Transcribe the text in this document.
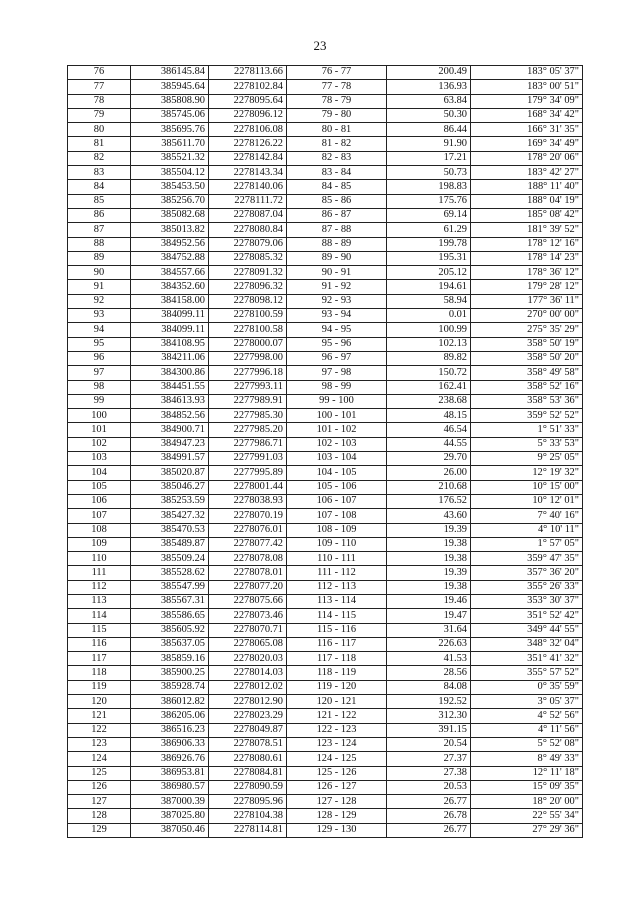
23
76	386145.84	2278113.66	76 - 77	200.49	183° 05' 37"
77	385945.64	2278102.84	77 - 78	136.93	183° 00' 51"
78	385808.90	2278095.64	78 - 79	63.84	179° 34' 09"
79	385745.06	2278096.12	79 - 80	50.30	168° 34' 42"
80	385695.76	2278106.08	80 - 81	86.44	166° 31' 35"
81	385611.70	2278126.22	81 - 82	91.90	169° 34' 49"
82	385521.32	2278142.84	82 - 83	17.21	178° 20' 06"
83	385504.12	2278143.34	83 - 84	50.73	183° 42' 27"
84	385453.50	2278140.06	84 - 85	198.83	188° 11' 40"
85	385256.70	2278111.72	85 - 86	175.76	188° 04' 19"
86	385082.68	2278087.04	86 - 87	69.14	185° 08' 42"
87	385013.82	2278080.84	87 - 88	61.29	181° 39' 52"
88	384952.56	2278079.06	88 - 89	199.78	178° 12' 16"
89	384752.88	2278085.32	89 - 90	195.31	178° 14' 23"
90	384557.66	2278091.32	90 - 91	205.12	178° 36' 12"
91	384352.60	2278096.32	91 - 92	194.61	179° 28' 12"
92	384158.00	2278098.12	92 - 93	58.94	177° 36' 11"
93	384099.11	2278100.59	93 - 94	0.01	270° 00' 00"
94	384099.11	2278100.58	94 - 95	100.99	275° 35' 29"
95	384108.95	2278000.07	95 - 96	102.13	358° 50' 19"
96	384211.06	2277998.00	96 - 97	89.82	358° 50' 20"
97	384300.86	2277996.18	97 - 98	150.72	358° 49' 58"
98	384451.55	2277993.11	98 - 99	162.41	358° 52' 16"
99	384613.93	2277989.91	99 - 100	238.68	358° 53' 36"
100	384852.56	2277985.30	100 - 101	48.15	359° 52' 52"
101	384900.71	2277985.20	101 - 102	46.54	1° 51' 33"
102	384947.23	2277986.71	102 - 103	44.55	5° 33' 53"
103	384991.57	2277991.03	103 - 104	29.70	9° 25' 05"
104	385020.87	2277995.89	104 - 105	26.00	12° 19' 32"
105	385046.27	2278001.44	105 - 106	210.68	10° 15' 00"
106	385253.59	2278038.93	106 - 107	176.52	10° 12' 01"
107	385427.32	2278070.19	107 - 108	43.60	7° 40' 16"
108	385470.53	2278076.01	108 - 109	19.39	4° 10' 11"
109	385489.87	2278077.42	109 - 110	19.38	1° 57' 05"
110	385509.24	2278078.08	110 - 111	19.38	359° 47' 35"
111	385528.62	2278078.01	111 - 112	19.39	357° 36' 20"
112	385547.99	2278077.20	112 - 113	19.38	355° 26' 33"
113	385567.31	2278075.66	113 - 114	19.46	353° 30' 37"
114	385586.65	2278073.46	114 - 115	19.47	351° 52' 42"
115	385605.92	2278070.71	115 - 116	31.64	349° 44' 55"
116	385637.05	2278065.08	116 - 117	226.63	348° 32' 04"
117	385859.16	2278020.03	117 - 118	41.53	351° 41' 32"
118	385900.25	2278014.03	118 - 119	28.56	355° 57' 52"
119	385928.74	2278012.02	119 - 120	84.08	0° 35' 59"
120	386012.82	2278012.90	120 - 121	192.52	3° 05' 37"
121	386205.06	2278023.29	121 - 122	312.30	4° 52' 56"
122	386516.23	2278049.87	122 - 123	391.15	4° 11' 56"
123	386906.33	2278078.51	123 - 124	20.54	5° 52' 08"
124	386926.76	2278080.61	124 - 125	27.37	8° 49' 33"
125	386953.81	2278084.81	125 - 126	27.38	12° 11' 18"
126	386980.57	2278090.59	126 - 127	20.53	15° 09' 35"
127	387000.39	2278095.96	127 - 128	26.77	18° 20' 00"
128	387025.80	2278104.38	128 - 129	26.78	22° 55' 34"
129	387050.46	2278114.81	129 - 130	26.77	27° 29' 36"
